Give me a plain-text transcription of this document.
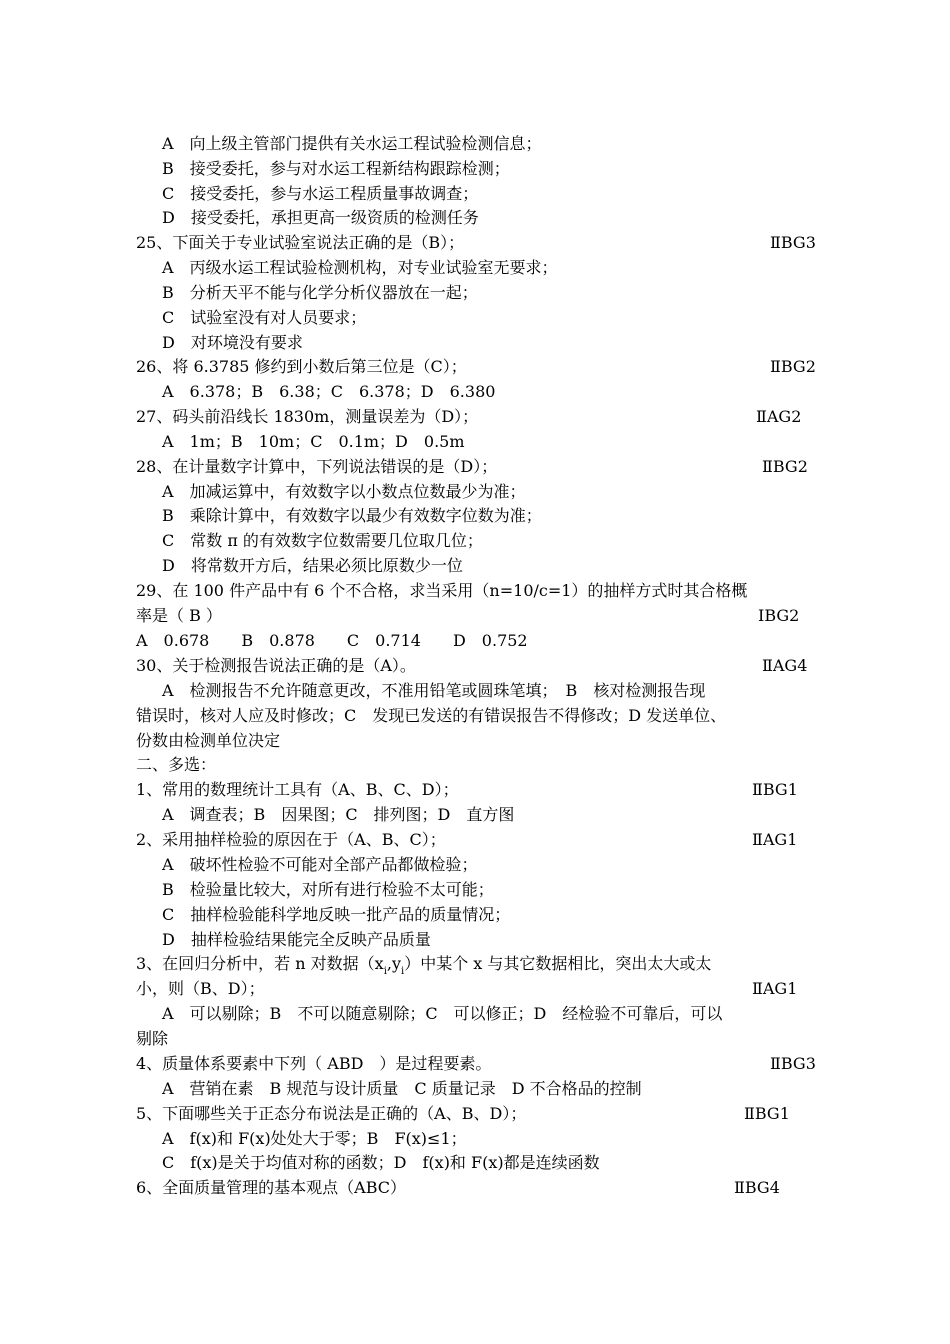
A　向上级主管部门提供有关水运工程试验检测信息；
B　接受委托，参与对水运工程新结构跟踪检测；
C　接受委托，参与水运工程质量事故调查；
D　接受委托，承担更高一级资质的检测任务
25、下面关于专业试验室说法正确的是（B）；	ⅡBG3
A　丙级水运工程试验检测机构，对专业试验室无要求；
B　分析天平不能与化学分析仪器放在一起；
C　试验室没有对人员要求；
D　对环境没有要求
26、将 6.3785 修约到小数后第三位是（C）；	ⅡBG2
A　6.378；B　6.38；C　6.378；D　6.380
27、码头前沿线长 1830m，测量误差为（D）；	ⅡAG2
A　1m；B　10m；C　0.1m；D　0.5m
28、在计量数字计算中，下列说法错误的是（D）；	ⅡBG2
A　加减运算中，有效数字以小数点位数最少为准；
B　乘除计算中，有效数字以最少有效数字位数为准；
C　常数 π 的有效数字位数需要几位取几位；
D　将常数开方后，结果必须比原数少一位
29、在 100 件产品中有 6 个不合格，求当采用（n=10/c=1）的抽样方式时其合格概
率是（ B ）	ⅠBG2
A　0.678　　B　0.878　　C　0.714　　D　0.752
30、关于检测报告说法正确的是（A）。	ⅡAG4
A　检测报告不允许随意更改，不准用铅笔或圆珠笔填；　B　核对检测报告现
错误时，核对人应及时修改；C　发现已发送的有错误报告不得修改；D 发送单位、
份数由检测单位决定
二、多选：
1、常用的数理统计工具有（A、B、C、D）；	ⅡBG1
A　调查表；B　因果图；C　排列图；D　直方图
2、采用抽样检验的原因在于（A、B、C）；	ⅡAG1
A　破坏性检验不可能对全部产品都做检验；
B　检验量比较大，对所有进行检验不太可能；
C　抽样检验能科学地反映一批产品的质量情况；
D　抽样检验结果能完全反映产品质量
3、在回归分析中，若 n 对数据$(x_i,y_i)$中某个 x 与其它数据相比，突出太大或太
小，则（B、D）；	ⅡAG1
A　可以剔除；B　不可以随意剔除；C　可以修正；D　经检验不可靠后，可以
剔除
4、质量体系要素中下列（ ABD　）是过程要素。	ⅡBG3
A　营销在素　B 规范与设计质量　C 质量记录　D 不合格品的控制
5、下面哪些关于正态分布说法是正确的（A、B、D）；	ⅡBG1
A　f(x)和 F(x)处处大于零；B　F(x)≤1；
C　f(x)是关于均值对称的函数；D　f(x)和 F(x)都是连续函数
6、全面质量管理的基本观点（ABC）	ⅡBG4
